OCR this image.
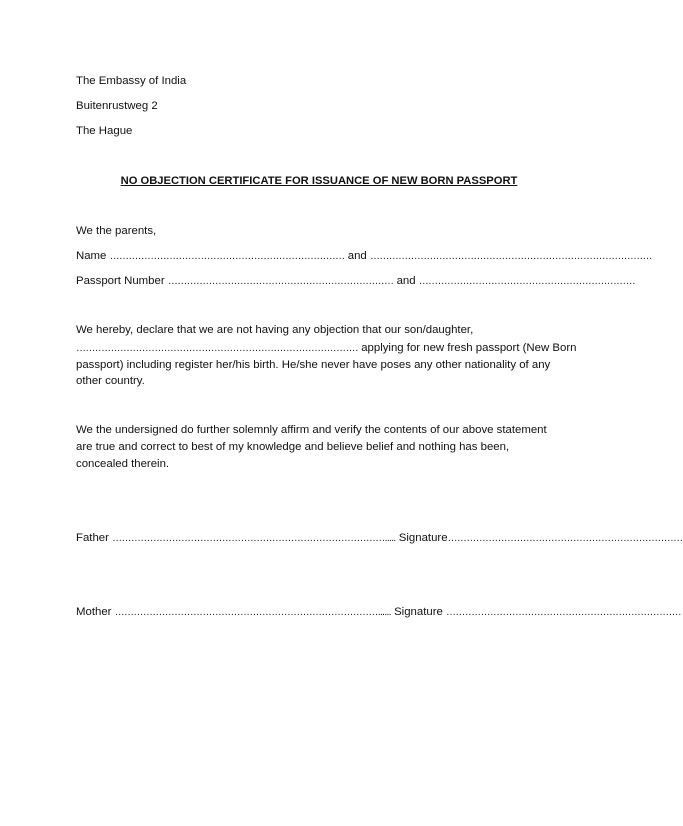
The Embassy of India
Buitenrustweg 2
The Hague
NO OBJECTION CERTIFICATE FOR ISSUANCE OF NEW BORN PASSPORT
We the parents,
Name ………………………………………………………………… and ………………………………………………………………………………
Passport Number ……………………………………………………………… and ……………………………………………………………
We hereby, declare that we are not having any objection that our son/daughter,
……………………………………………………………………………… applying for new fresh passport (New Born
passport) including register her/his birth. He/she never have poses any other nationality of any
other country.
We the undersigned do further solemnly affirm and verify the contents of our above statement
are true and correct to best of my knowledge and believe belief and nothing has been,
concealed therein.
Father ……………………………………………………………………………..... Signature…………………………………………………………………
Mother …………………………………………………………………………...... Signature …………………………………………………………………
